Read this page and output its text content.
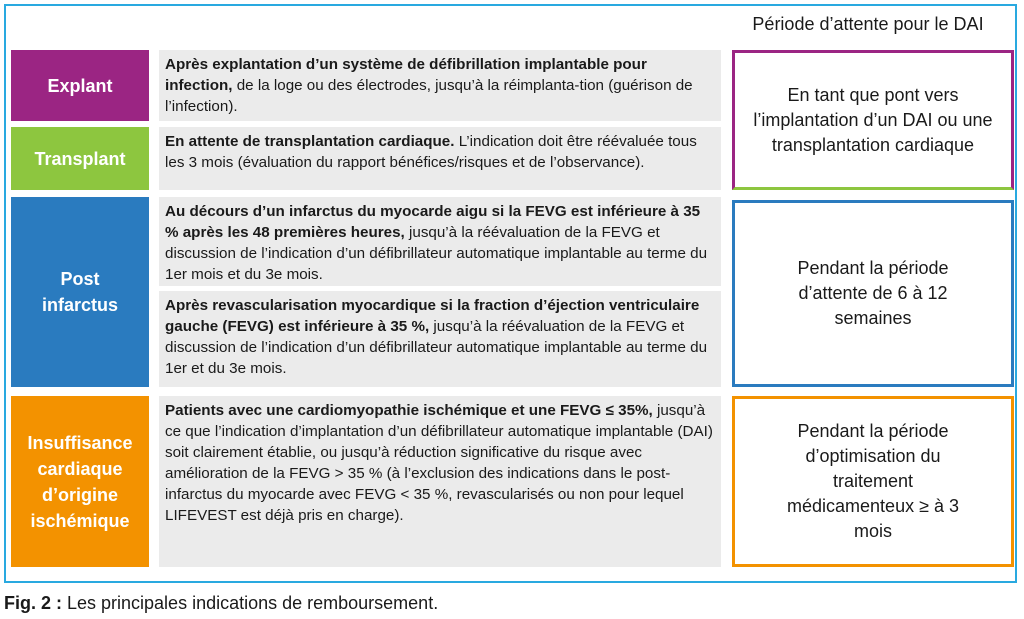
Période d’attente pour le DAI
Explant
Transplant
Post infarctus
Insuffisance cardiaque d’origine ischémique
Après explantation d’un système de défibrillation implantable pour infection, de la loge ou des électrodes, jusqu’à la réimplanta-tion (guérison de l’infection).
En attente de transplantation cardiaque. L’indication doit être réévaluée tous les 3 mois (évaluation du rapport bénéfices/risques et de l’observance).
Au décours d’un infarctus du myocarde aigu si la FEVG est inférieure à 35 % après les 48 premières heures, jusqu’à la réévaluation de la FEVG et discussion de l’indication d’un défibrillateur automatique implantable au terme du 1er mois et du 3e mois.
Après revascularisation myocardique si la fraction d’éjection ventriculaire gauche (FEVG) est inférieure à 35 %, jusqu’à la réévaluation de la FEVG et discussion de l’indication d’un défibrillateur automatique implantable au terme du 1er et du 3e mois.
Patients avec une cardiomyopathie ischémique et une FEVG ≤ 35%, jusqu’à ce que l’indication d’implantation d’un défibrillateur automatique implantable (DAI) soit clairement établie, ou jusqu’à réduction significative du risque avec amélioration de la FEVG > 35 % (à l’exclusion des indications dans le post-infarctus du myocarde avec FEVG < 35 %, revascularisés ou non pour lequel LIFEVEST est déjà pris en charge).
En tant que pont vers l’implantation d’un DAI ou une transplantation cardiaque
Pendant la période d’attente de 6 à 12 semaines
Pendant la période d’optimisation du traitement médicamenteux ≥ à 3 mois
Fig. 2 : Les principales indications de remboursement.
